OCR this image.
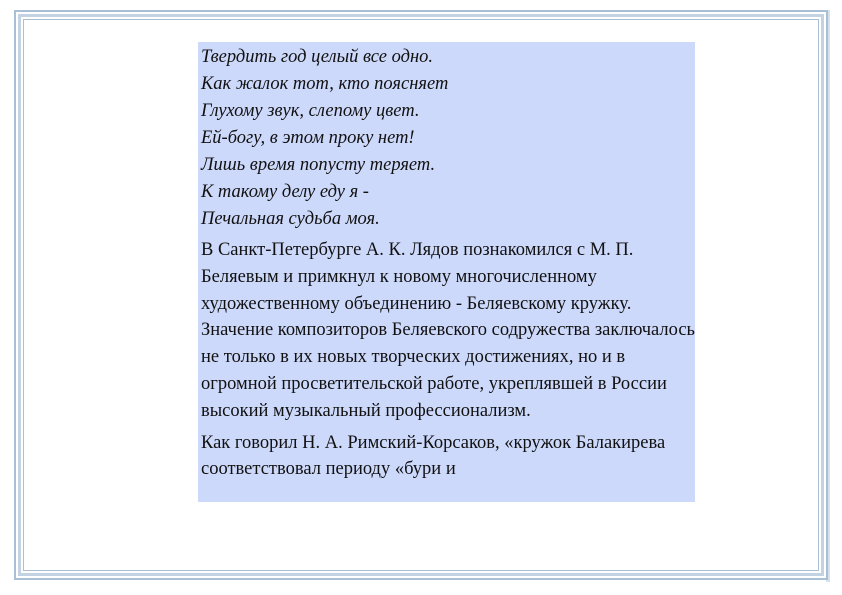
Твердить год целый все одно.
Как жалок тот, кто поясняет
Глухому звук, слепому цвет.
Ей-богу, в этом проку нет!
Лишь время попусту теряет.
К такому делу еду я -
Печальная судьба моя.

В Санкт-Петербурге А. К. Лядов познакомился с М. П. Беляевым и примкнул к новому многочисленному художественному объединению - Беляевскому кружку. Значение композиторов Беляевского содружества заключалось не только в их новых творческих достижениях, но и в огромной просветительской работе, укреплявшей в России высокий музыкальный профессионализм.

Как говорил Н. А. Римский-Корсаков, «кружок Балакирева соответствовал периоду «бури и
